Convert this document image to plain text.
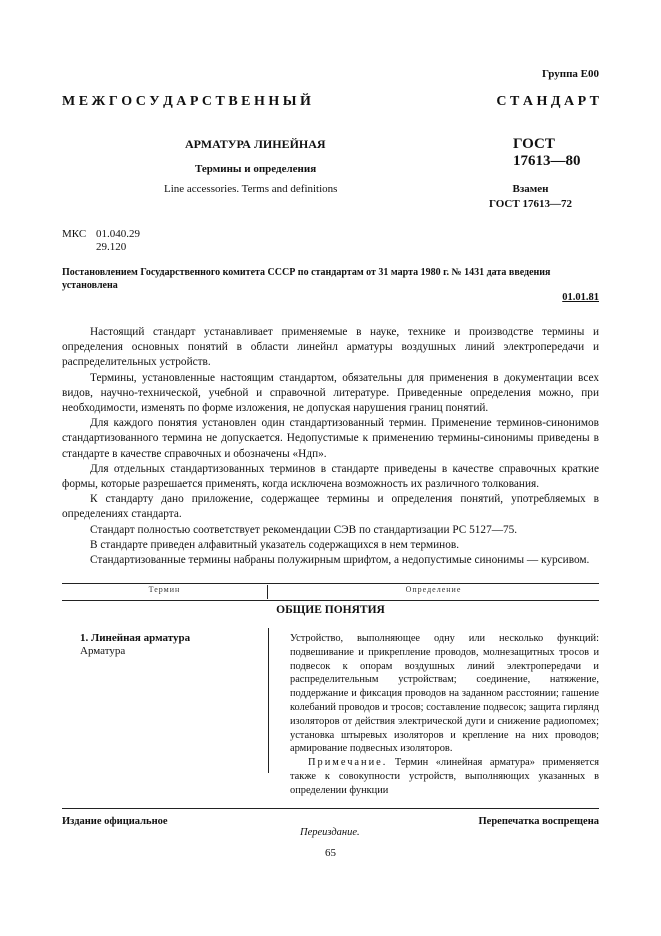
Группа Е00
М Е Ж Г О С У Д А Р С Т В Е Н Н Ы Й	С Т А Н Д А Р Т
АРМАТУРА ЛИНЕЙНАЯ
Термины и определения
Line accessories. Terms and definitions
ГОСТ
17613—80
Взамен
ГОСТ 17613—72
МКС 01.040.29
29.120
Постановлением Государственного комитета СССР по стандартам от 31 марта 1980 г. № 1431 дата введения установлена
01.01.81

Настоящий стандарт устанавливает применяемые в науке, технике и производстве термины и определения основных понятий в области линейнл арматуры воздушных линий электропередачи и распределительных устройств.

Термины, установленные настоящим стандартом, обязательны для применения в документации всех видов, научно-технической, учебной и справочной литературе. Приведенные определения можно, при необходимости, изменять по форме изложения, не допуская нарушения границ понятий.

Для каждого понятия установлен один стандартизованный термин. Применение терминов-синонимов стандартизованного термина не допускается. Недопустимые к применению термины-синонимы приведены в стандарте в качестве справочных и обозначены «Ндп».

Для отдельных стандартизованных терминов в стандарте приведены в качестве справочных краткие формы, которые разрешается применять, когда исключена возможность их различного толкования.

К стандарту дано приложение, содержащее термины и определения понятий, употребляемых в определениях стандарта.

Стандарт полностью соответствует рекомендации СЭВ по стандартизации РС 5127—75.

В стандарте приведен алфавитный указатель содержащихся в нем терминов.

Стандартизованные термины набраны полужирным шрифтом, а недопустимые синонимы — курсивом.

Термин	Определение
ОБЩИЕ ПОНЯТИЯ
1. Линейная арматура
Арматура

Устройство, выполняющее одну или несколько функций: подвешивание и прикрепление проводов, молнезащитных тросов и подвесок к опорам воздушных линий электропередачи и распределительным устройствам; соединение, натяжение, поддержание и фиксация проводов на заданном расстоянии; гашение колебаний проводов и тросов; составление подвесок; защита гирлянд изоляторов от действия электрической дуги и снижение радиопомех; установка штыревых изоляторов и крепление на них проводов; армирование подвесных изоляторов.

Примечание. Термин «линейная арматура» применяется также к совокупности устройств, выполняющих указанных в определении функции

Издание официальное	Перепечатка воспрещена
Переиздание.
65
